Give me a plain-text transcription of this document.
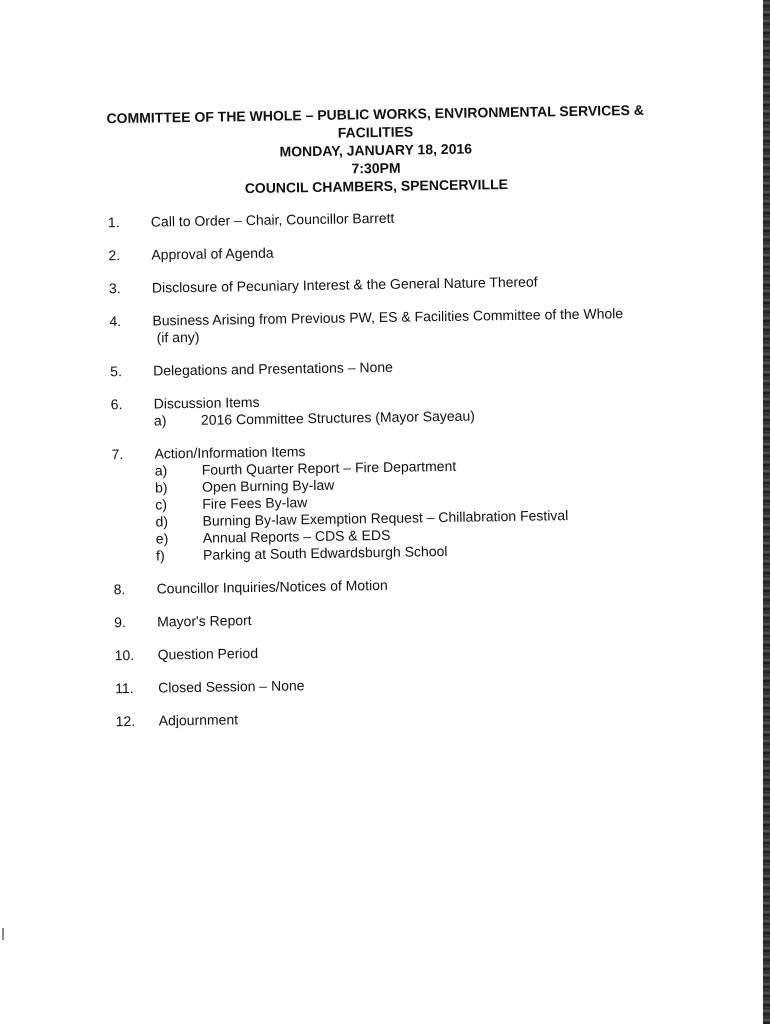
COMMITTEE OF THE WHOLE – PUBLIC WORKS, ENVIRONMENTAL SERVICES &
FACILITIES
MONDAY, JANUARY 18, 2016
7:30PM
COUNCIL CHAMBERS, SPENCERVILLE
1.	Call to Order – Chair, Councillor Barrett
2.	Approval of Agenda
3.	Disclosure of Pecuniary Interest & the General Nature Thereof
4.	Business Arising from Previous PW, ES & Facilities Committee of the Whole
(if any)
5.	Delegations and Presentations – None
6.	Discussion Items
a)	2016 Committee Structures (Mayor Sayeau)
7.	Action/Information Items
a)	Fourth Quarter Report – Fire Department
b)	Open Burning By-law
c)	Fire Fees By-law
d)	Burning By-law Exemption Request – Chillabration Festival
e)	Annual Reports – CDS & EDS
f)	Parking at South Edwardsburgh School
8.	Councillor Inquiries/Notices of Motion
9.	Mayor's Report
10.	Question Period
11.	Closed Session – None
12.	Adjournment
